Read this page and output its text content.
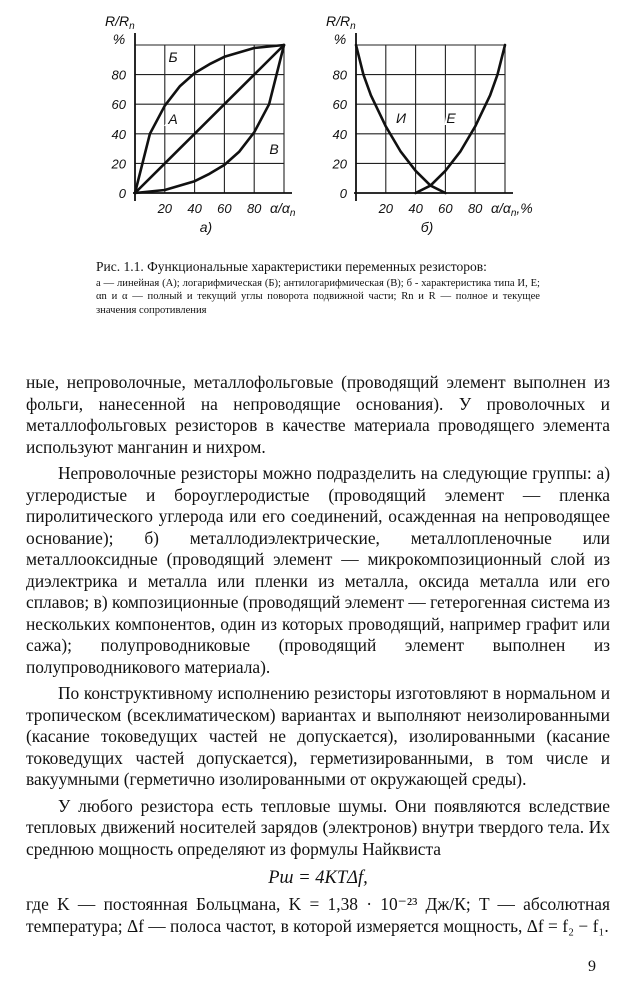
$R/R_n$
%
0
20
40
60
80
20 40 60 80 $\alpha/\alpha_n$
А
Б
В
а)
$R/R_n$
%
0
20
40
60
80
20 40 60 80 $\alpha/\alpha_n,\%$
И	Е
б)

Рис. 1.1. Функциональные характеристики переменных резисторов:

а — линейная (А); логарифмическая (Б); антилогарифмическая (В); б - характеристика типа И, Е; αn и α — полный и текущий углы поворота подвижной части; Rn и R — полное и текущее значения сопротивления

ные, непроволочные, металлофольговые (проводящий элемент выполнен из фольги, нанесенной на непроводящие основания). У проволочных и металлофольговых резисторов в качестве материала проводящего элемента используют манганин и нихром.

Непроволочные резисторы можно подразделить на следующие группы: а) углеродистые и бороуглеродистые (проводящий элемент — пленка пиролитического углерода или его соединений, осажденная на непроводящее основание); б) металлодиэлектрические, металлопленочные или металлооксидные (проводящий элемент — микрокомпозиционный слой из диэлектрика и металла или пленки из металла, оксида металла или его сплавов; в) композиционные (проводящий элемент — гетерогенная система из нескольких компонентов, один из которых проводящий, например графит или сажа); полупроводниковые (проводящий элемент выполнен из полупроводникового материала).

По конструктивному исполнению резисторы изготовляют в нормальном и тропическом (всеклиматическом) вариантах и выполняют неизолированными (касание токоведущих частей не допускается), изолированными (касание токоведущих частей допускается), герметизированными, в том числе и вакуумными (герметично изолированными от окружающей среды).

У любого резистора есть тепловые шумы. Они появляются вследствие тепловых движений носителей зарядов (электронов) внутри твердого тела. Их среднюю мощность определяют из формулы Найквиста

Pш = 4KTΔf,

где K — постоянная Больцмана, K = 1,38 · 10⁻²³ Дж/К; T — абсолютная температура; Δf — полоса частот, в которой измеряется мощность, Δf = f₂ − f₁.

9
